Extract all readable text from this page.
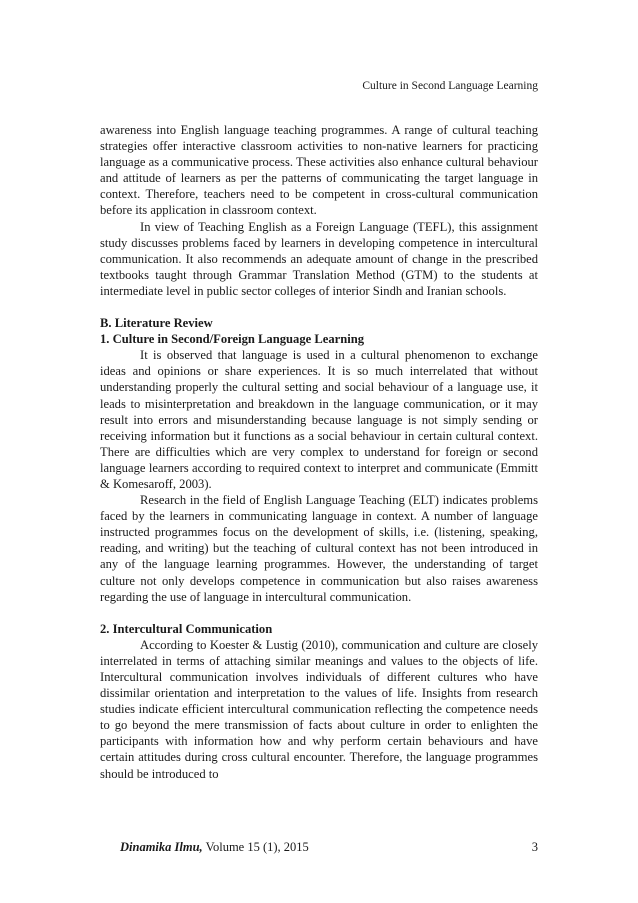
Culture in Second Language Learning

awareness into English language teaching programmes. A range of cultural teaching strategies offer interactive classroom activities to non-native learners for practicing language as a communicative process. These activities also enhance cultural behaviour and attitude of learners as per the patterns of communicating the target language in context. Therefore, teachers need to be competent in cross-cultural communication before its application in classroom context.

In view of Teaching English as a Foreign Language (TEFL), this assignment study discusses problems faced by learners in developing competence in intercultural communication. It also recommends an adequate amount of change in the prescribed textbooks taught through Grammar Translation Method (GTM) to the students at intermediate level in public sector colleges of interior Sindh and Iranian schools.

B. Literature Review

1. Culture in Second/Foreign Language Learning

It is observed that language is used in a cultural phenomenon to exchange ideas and opinions or share experiences. It is so much interrelated that without understanding properly the cultural setting and social behaviour of a language use, it leads to misinterpretation and breakdown in the language communication, or it may result into errors and misunderstanding because language is not simply sending or receiving information but it functions as a social behaviour in certain cultural context. There are difficulties which are very complex to understand for foreign or second language learners according to required context to interpret and communicate (Emmitt & Komesaroff, 2003).

Research in the field of English Language Teaching (ELT) indicates problems faced by the learners in communicating language in context. A number of language instructed programmes focus on the development of skills, i.e. (listening, speaking, reading, and writing) but the teaching of cultural context has not been introduced in any of the language learning programmes. However, the understanding of target culture not only develops competence in communication but also raises awareness regarding the use of language in intercultural communication.

2. Intercultural Communication

According to Koester & Lustig (2010), communication and culture are closely interrelated in terms of attaching similar meanings and values to the objects of life. Intercultural communication involves individuals of different cultures who have dissimilar orientation and interpretation to the values of life. Insights from research studies indicate efficient intercultural communication reflecting the competence needs to go beyond the mere transmission of facts about culture in order to enlighten the participants with information how and why perform certain behaviours and have certain attitudes during cross cultural encounter. Therefore, the language programmes should be introduced to

Dinamika Ilmu, Volume 15 (1), 2015	3
